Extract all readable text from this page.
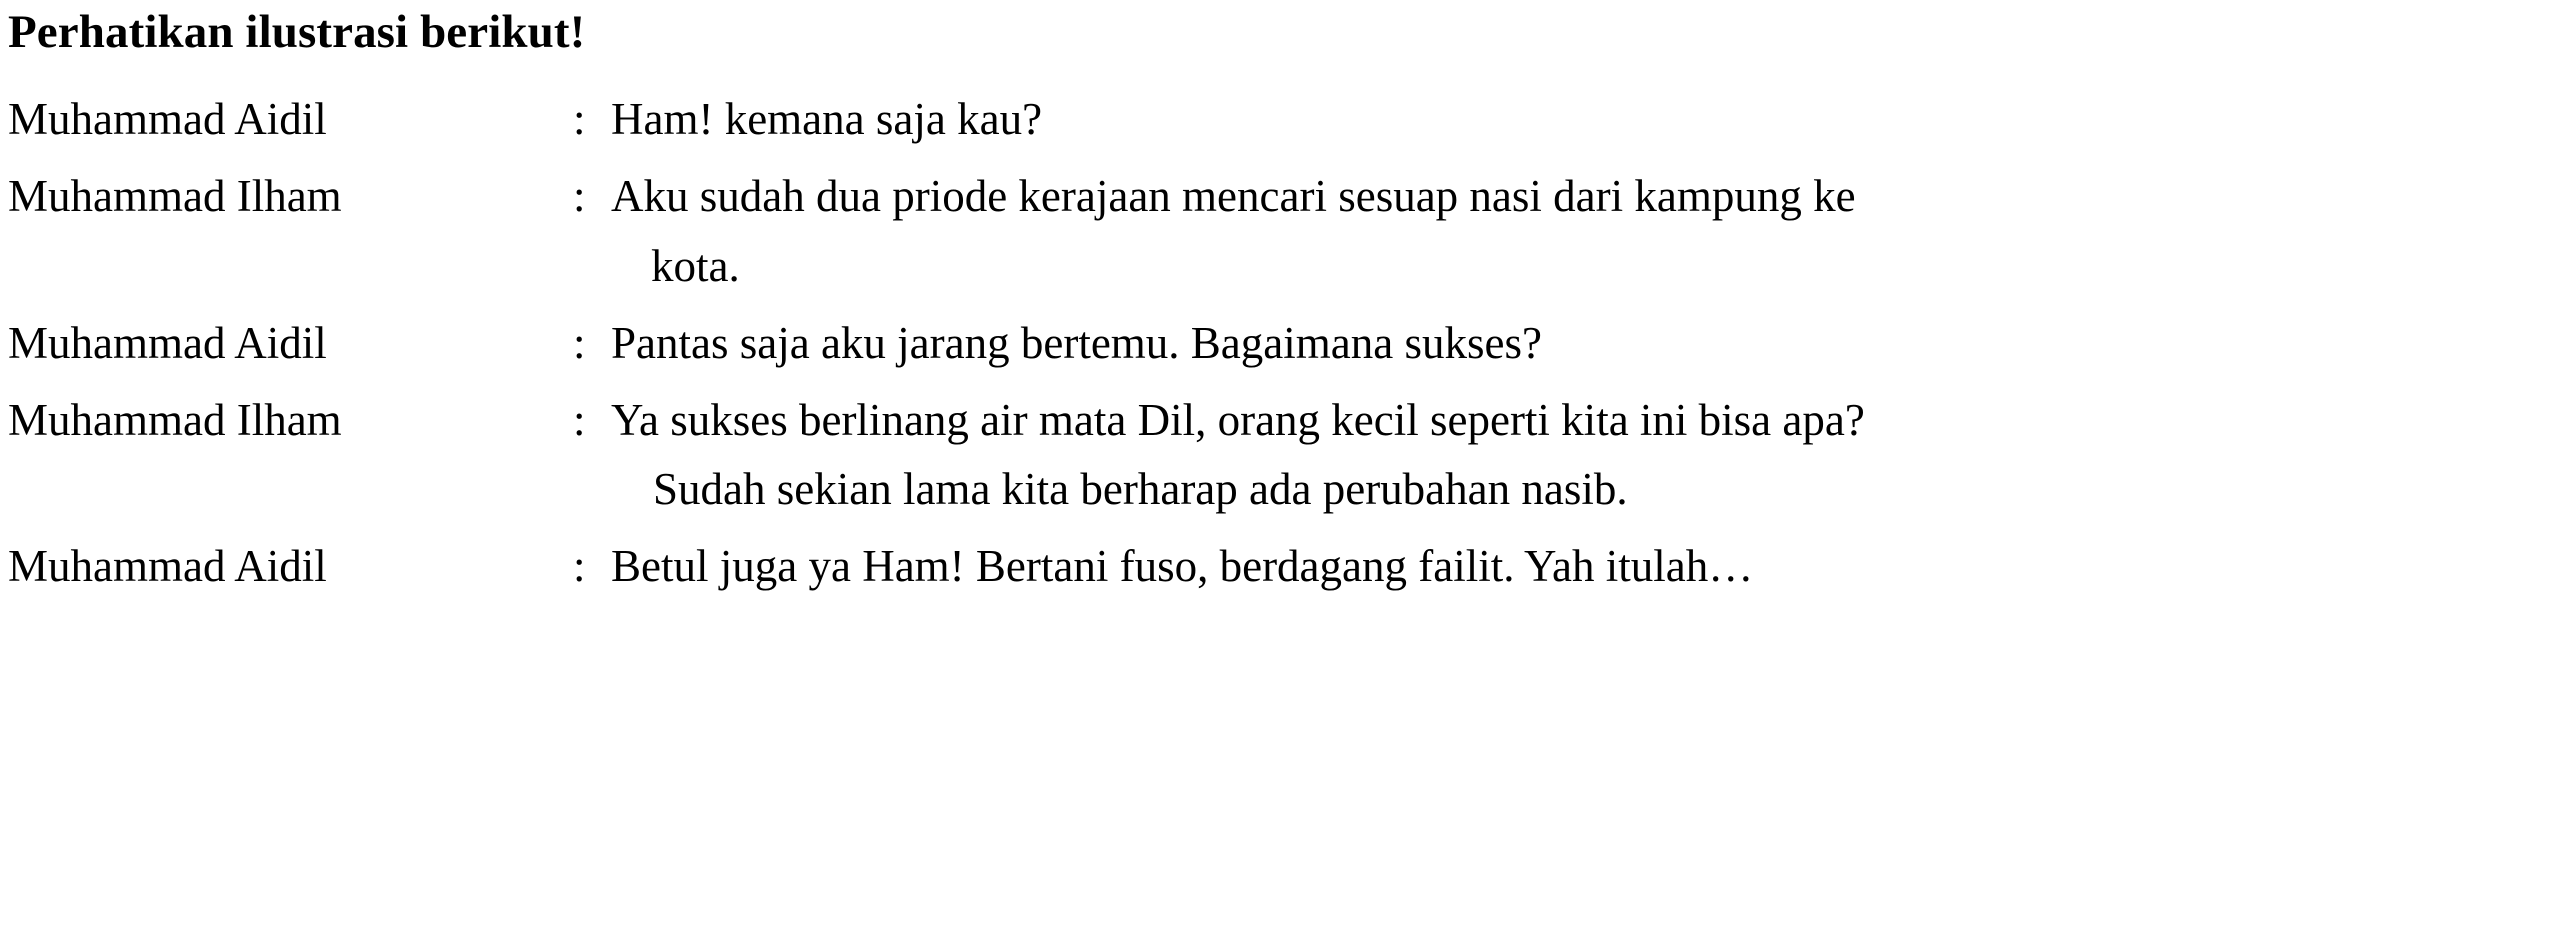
Perhatikan ilustrasi berikut!
Muhammad Aidil	: Ham! kemana saja kau?
Muhammad Ilham	: Aku sudah dua priode kerajaan mencari sesuap nasi dari kampung ke
kota.
Muhammad Aidil	: Pantas saja aku jarang bertemu. Bagaimana sukses?
Muhammad Ilham	: Ya sukses berlinang air mata Dil, orang kecil seperti kita ini bisa apa?
Sudah sekian lama kita berharap ada perubahan nasib.
Muhammad Aidil	: Betul juga ya Ham! Bertani fuso, berdagang failit. Yah itulah…
